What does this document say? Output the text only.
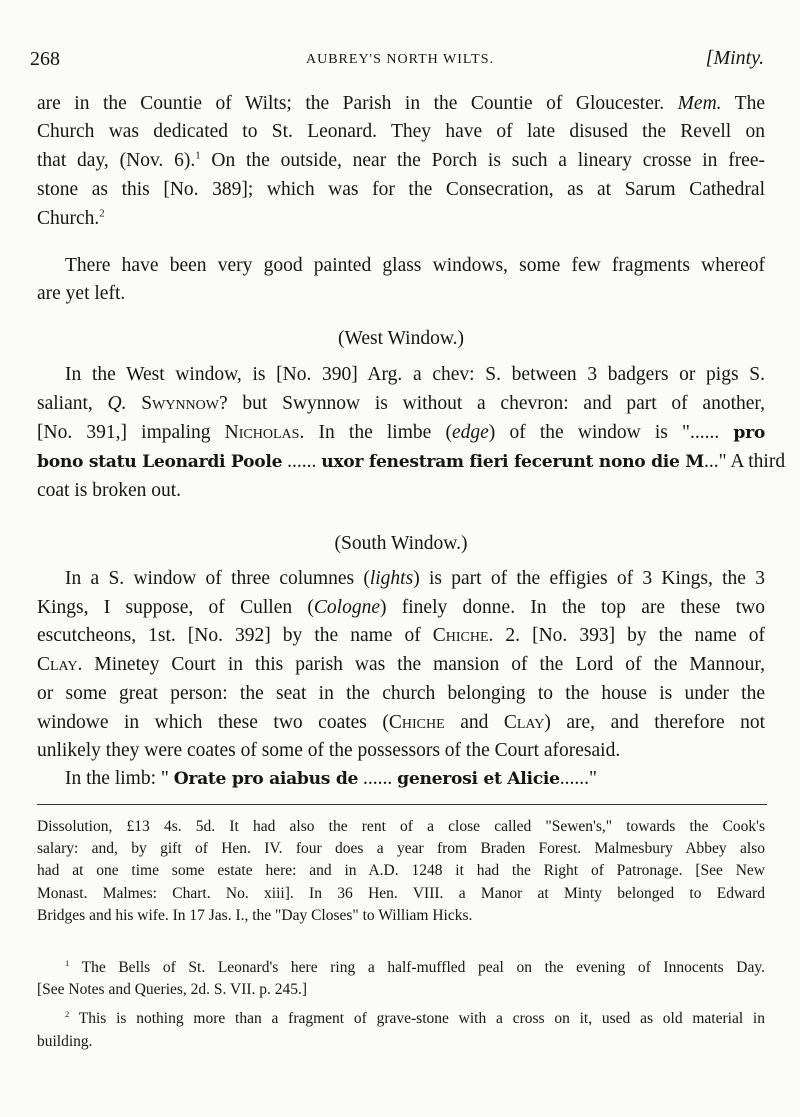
268	AUBREY'S NORTH WILTS.	[Minty.
are in the Countie of Wilts; the Parish in the Countie of Gloucester. Mem. The
Church was dedicated to St. Leonard. They have of late disused the Revell on
that day, (Nov. 6).$^1$ On the outside, near the Porch is such a lineary crosse in free-
stone as this [No. 389]; which was for the Consecration, as at Sarum Cathedral
Church.$^2$
There have been very good painted glass windows, some few fragments whereof
are yet left.
(West Window.)
In the West window, is [No. 390] Arg. a chev: S. between 3 badgers or pigs S.
saliant, Q. Swynnow? but Swynnow is without a chevron: and part of another,
[No. 391,] impaling Nicholas. In the limbe (edge) of the window is "...... pro
bono statu Leonardi Poole ...... uxor fenestram fieri fecerunt nono die M..." A third
coat is broken out.
(South Window.)
In a S. window of three columnes (lights) is part of the effigies of 3 Kings, the 3
Kings, I suppose, of Cullen (Cologne) finely donne. In the top are these two
escutcheons, 1st. [No. 392] by the name of Chiche. 2. [No. 393] by the name of
Clay. Minetey Court in this parish was the mansion of the Lord of the Mannour,
or some great person: the seat in the church belonging to the house is under the
windowe in which these two coates (Chiche and Clay) are, and therefore not
unlikely they were coates of some of the possessors of the Court aforesaid.
In the limb: " Orate pro aiabus de ...... generosi et Alicie......"
Dissolution, £13 4s. 5d. It had also the rent of a close called "Sewen's," towards the Cook's
salary: and, by gift of Hen. IV. four does a year from Braden Forest. Malmesbury Abbey also
had at one time some estate here: and in A.D. 1248 it had the Right of Patronage. [See New
Monast. Malmes: Chart. No. xiii]. In 36 Hen. VIII. a Manor at Minty belonged to Edward
Bridges and his wife. In 17 Jas. I., the "Day Closes" to William Hicks.
$^1$ The Bells of St. Leonard's here ring a half-muffled peal on the evening of Innocents Day.
[See Notes and Queries, 2d. S. VII. p. 245.]
$^2$ This is nothing more than a fragment of grave-stone with a cross on it, used as old material in
building.
